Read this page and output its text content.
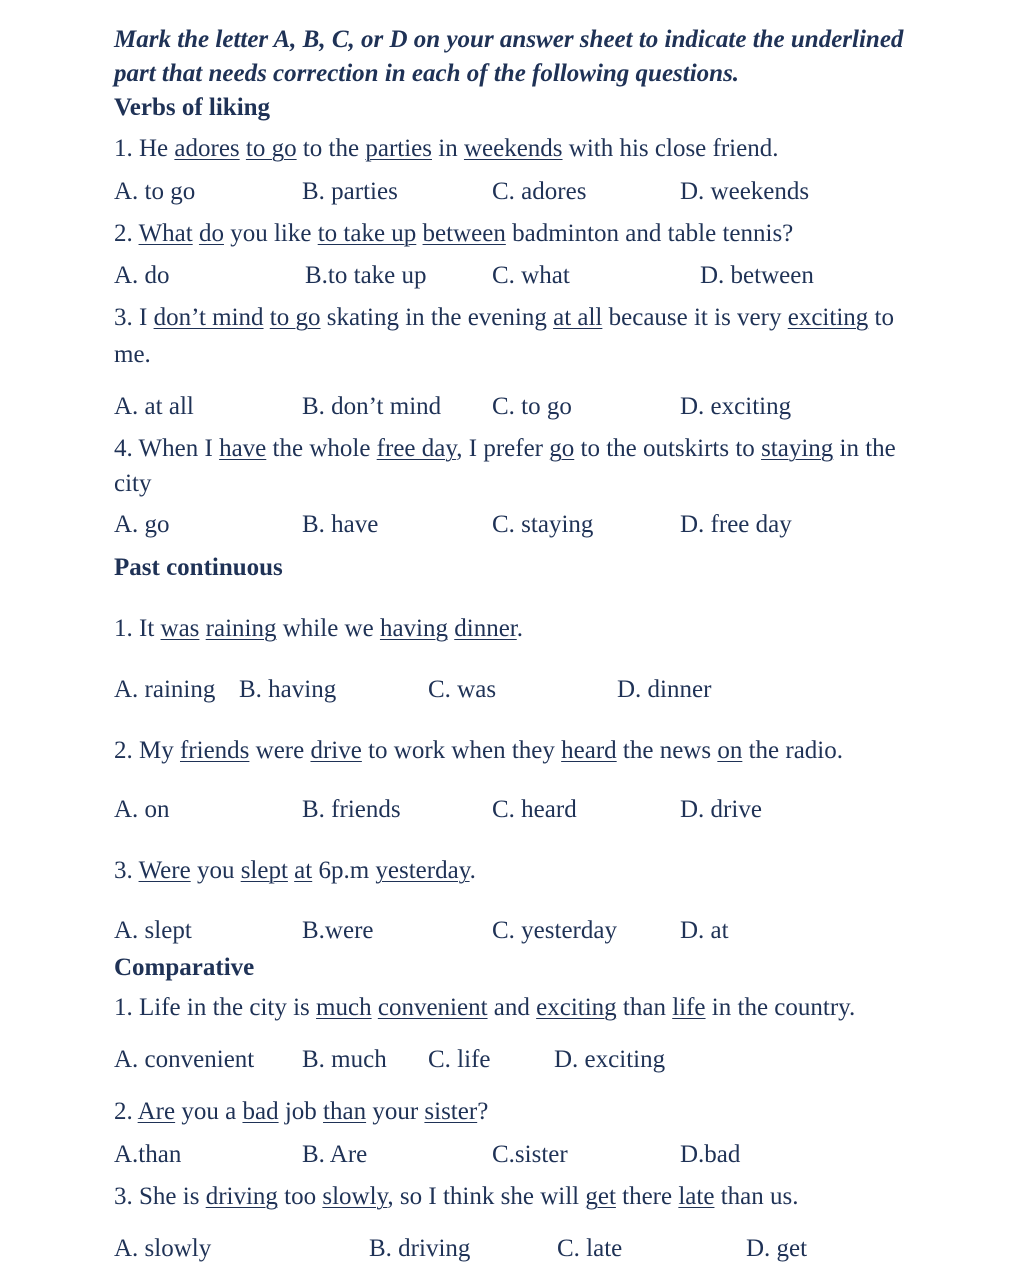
Mark the letter A, B, C, or D on your answer sheet to indicate the underlined
part that needs correction in each of the following questions.
Verbs of liking
1. He adores to go to the parties in weekends with his close friend.
A. to go	B. parties	C. adores	D. weekends
2. What do you like to take up between badminton and table tennis?
A. do	B.to take up	C. what	D. between
3. I don’t mind to go skating in the evening at all because it is very exciting to
me.
A. at all	B. don’t mind C. to go	D. exciting
4. When I have the whole free day, I prefer go to the outskirts to staying in the
city
A. go	B. have	C. staying	D. free day
Past continuous
1. It was raining while we having dinner.
A. raining B. having	C. was	D. dinner
2. My friends were drive to work when they heard the news on the radio.
A. on	B. friends	C. heard	D. drive
3. Were you slept at 6p.m yesterday.
A. slept	B.were	C. yesterday	D. at
Comparative
1. Life in the city is much convenient and exciting than life in the country.
A. convenient B. much C. life	D. exciting
2. Are you a bad job than your sister?
A.than	B. Are	C.sister	D.bad
3. She is driving too slowly, so I think she will get there late than us.
A. slowly	B. driving	C. late	D. get
